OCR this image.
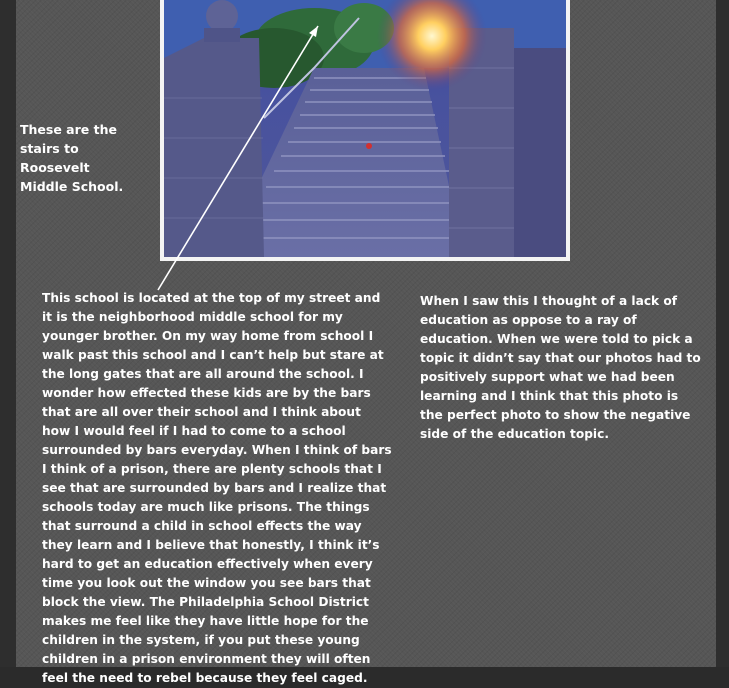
These are the stairs to Roosevelt Middle School.
This school is located at the top of my street and it is the neighborhood middle school for my younger brother. On my way home from school I walk past this school and I can’t help but stare at the long gates that are all around the school. I wonder how effected these kids are by the bars that are all over their school and I think about how I would feel if I had to come to a school surrounded by bars everyday. When I think of bars I think of a prison, there are plenty schools that I see that are surrounded by bars and I realize that schools today are much like prisons. The things that surround a child in school effects the way they learn and I believe that honestly, I think it’s hard to get an education effectively when every time you look out the window you see bars that block the view. The Philadelphia School District makes me feel like they have little hope for the children in the system, if you put these young children in a prison environment they will often feel the need to rebel because they feel caged.
When I saw this I thought of a lack of education as oppose to a ray of education. When we were told to pick a topic it didn’t say that our photos had to positively support what we had been learning and I think that this photo is the perfect photo to show the negative side of the education topic.
